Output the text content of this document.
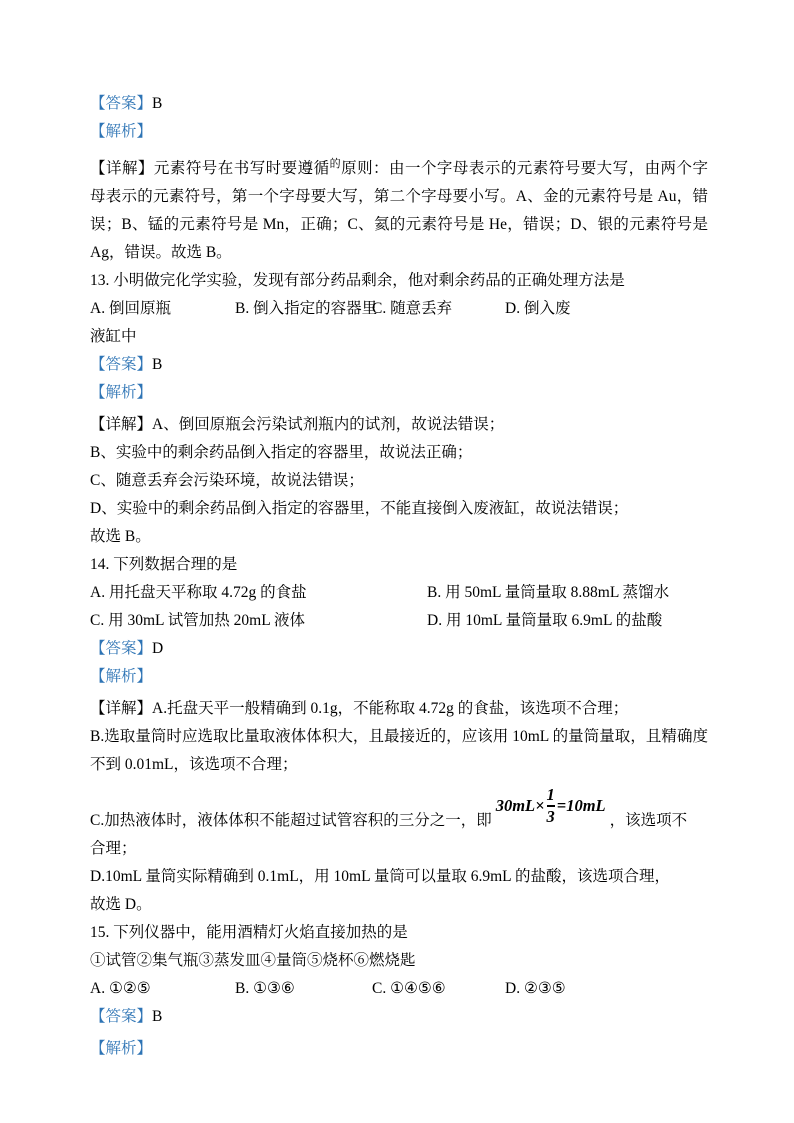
【答案】B
【解析】
【详解】元素符号在书写时要遵循$^的$原则：由一个字母表示的元素符号要大写，由两个字
母表示的元素符号，第一个字母要大写，第二个字母要小写。A、金的元素符号是 Au，错
误；B、锰的元素符号是 Mn，正确；C、氦的元素符号是 He，错误；D、银的元素符号是
Ag，错误。故选 B。
13. 小明做完化学实验，发现有部分药品剩余，他对剩余药品的正确处理方法是
A. 倒回原瓶	B. 倒入指定的容器里
C. 随意丢弃	D. 倒入废
液缸中
【答案】B
【解析】
【详解】A、倒回原瓶会污染试剂瓶内的试剂，故说法错误；
B、实验中的剩余药品倒入指定的容器里，故说法正确；
C、随意丢弃会污染环境，故说法错误；
D、实验中的剩余药品倒入指定的容器里，不能直接倒入废液缸，故说法错误；
故选 B。
14. 下列数据合理的是
A. 用托盘天平称取 4.72g 的食盐	B. 用 50mL 量筒量取 8.88mL 蒸馏水
C. 用 30mL 试管加热 20mL 液体	D. 用 10mL 量筒量取 6.9mL 的盐酸
【答案】D
【解析】
【详解】A.托盘天平一般精确到 0.1g，不能称取 4.72g 的食盐，该选项不合理；
B.选取量筒时应选取比量取液体体积大，且最接近的，应该用 10mL 的量筒量取，且精确度
不到 0.01mL，该选项不合理；
C.加热液体时，液体体积不能超过试管容积的三分之一，即
$30mL\times \frac{1}{3} =10mL$
，该选项不
合理；
D.10mL 量筒实际精确到 0.1mL，用 10mL 量筒可以量取 6.9mL 的盐酸，该选项合理，
故选 D。
15. 下列仪器中，能用酒精灯火焰直接加热的是
①试管②集气瓶③蒸发皿④量筒⑤烧杯⑥燃烧匙
A. ①②⑤	B. ①③⑥	C. ①④⑤⑥	D. ②③⑤
【答案】B
【解析】
